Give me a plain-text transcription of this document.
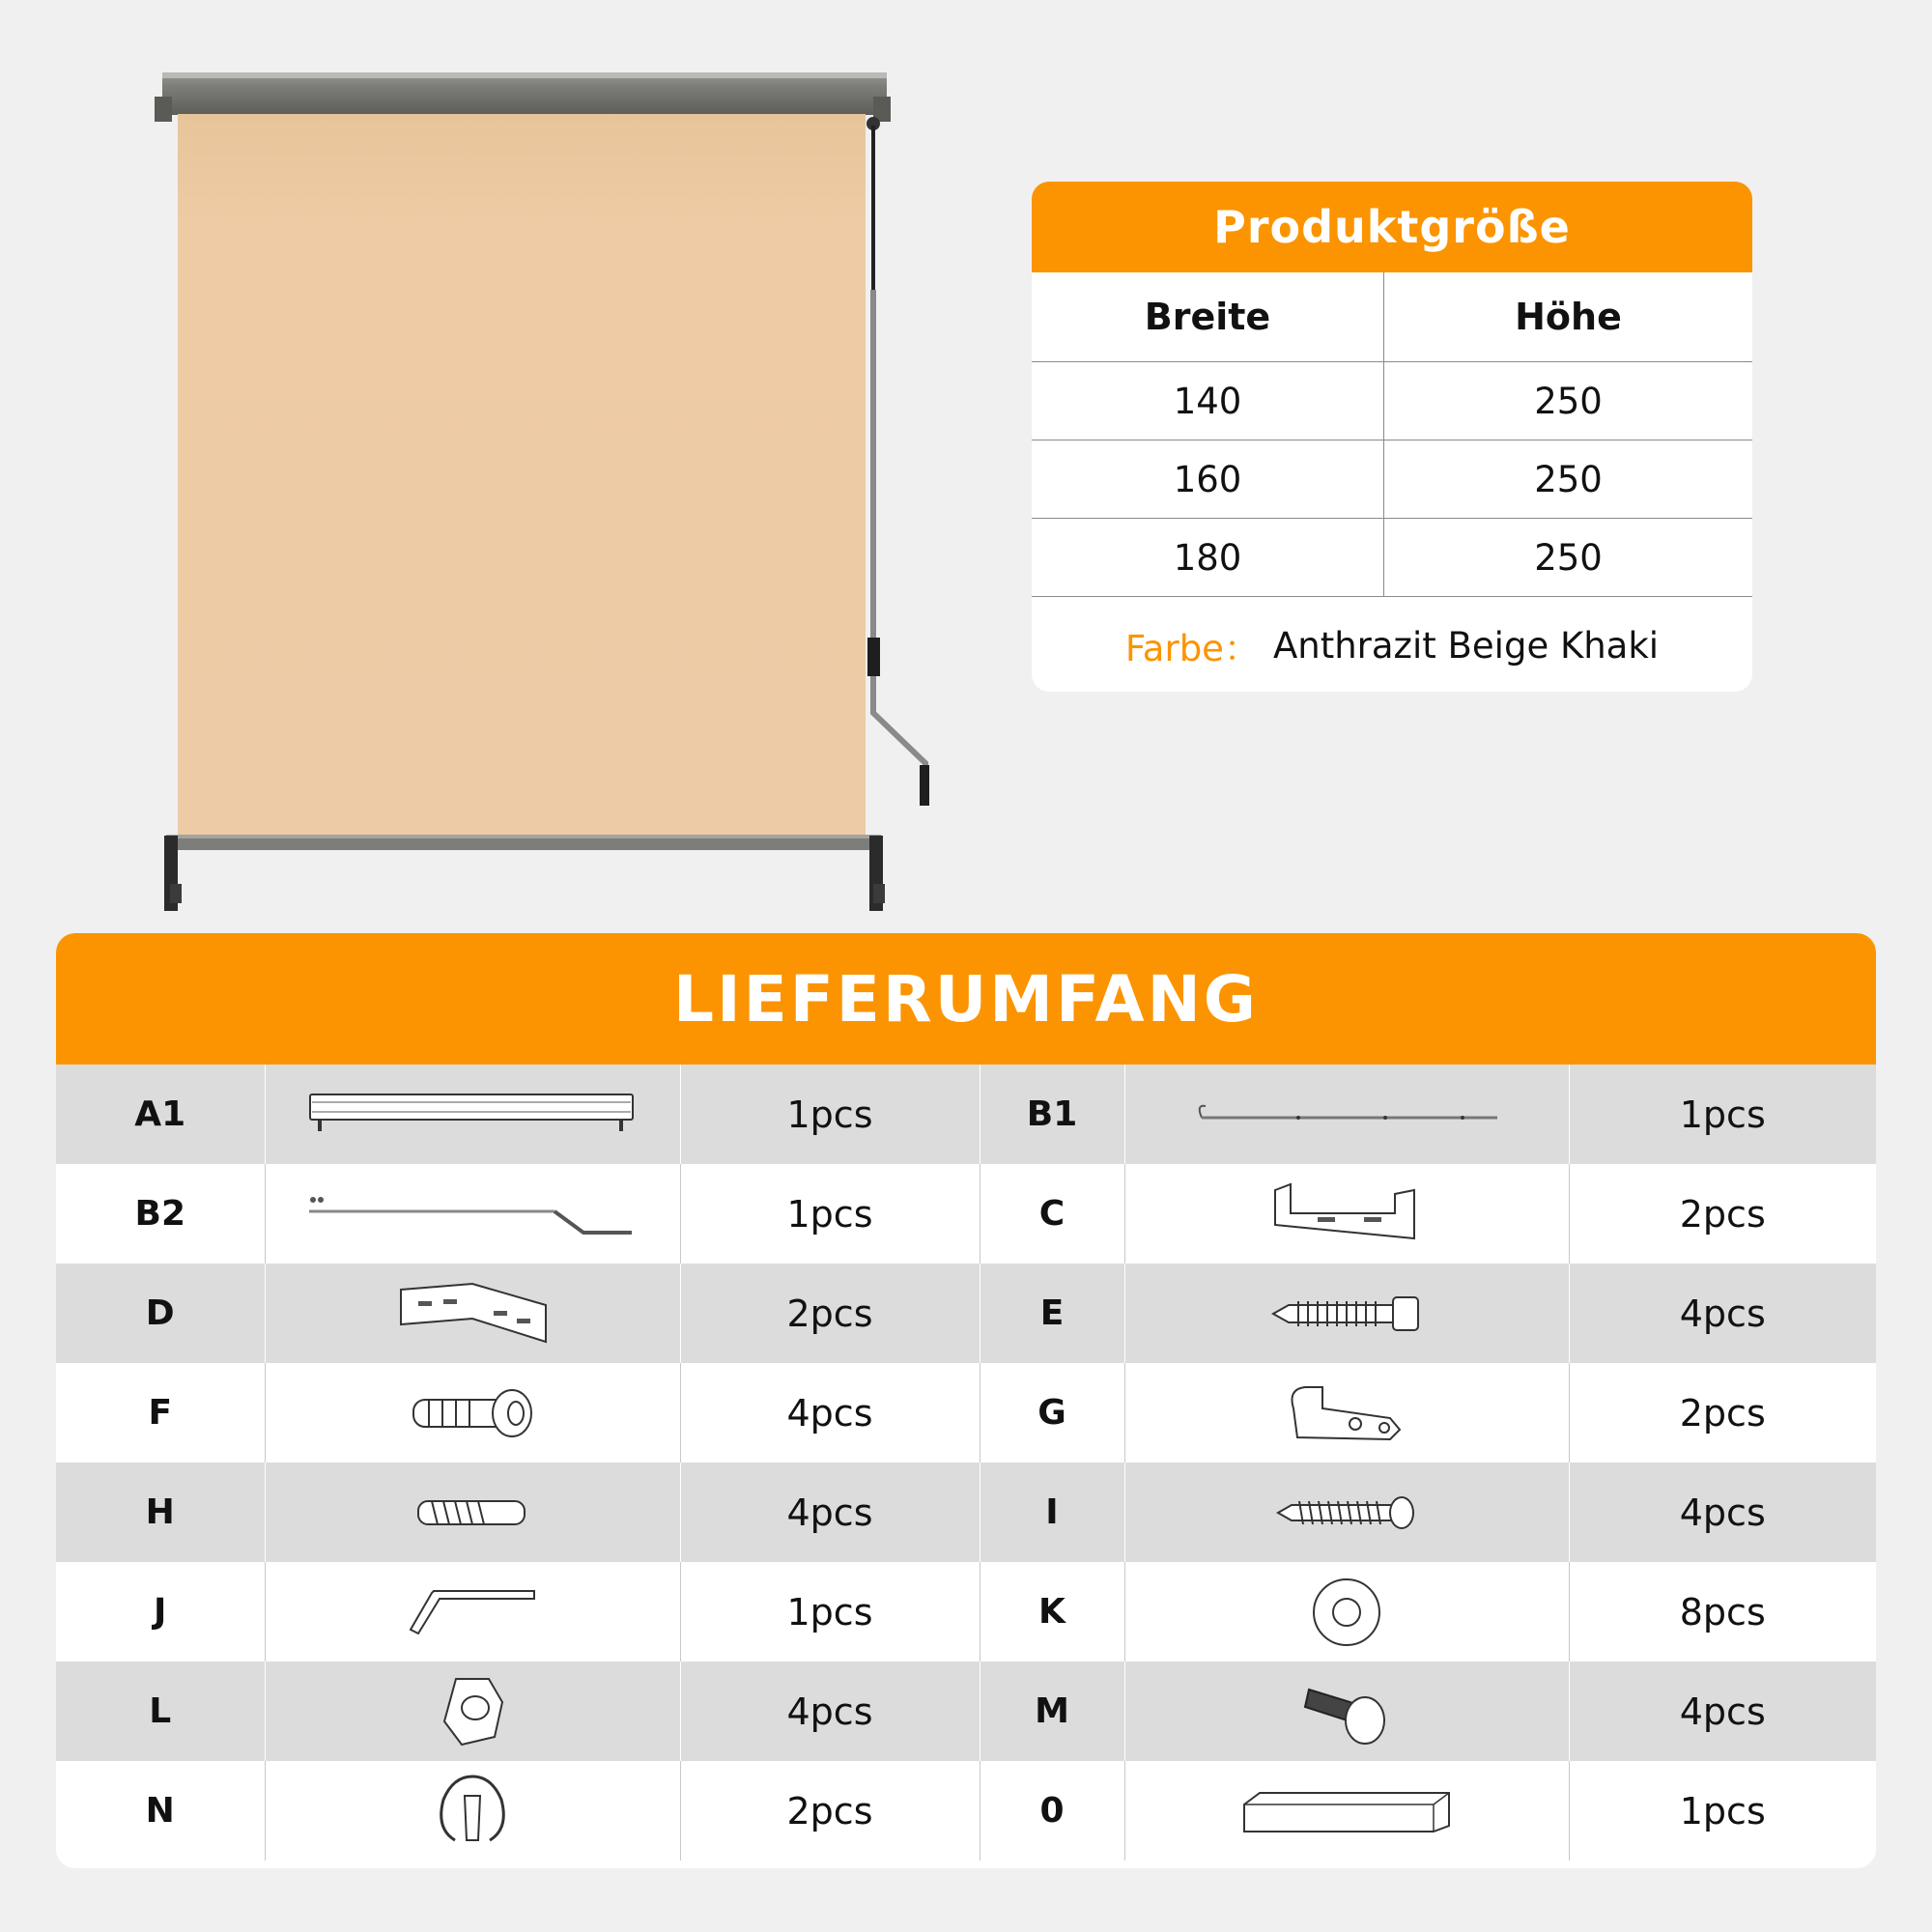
Produktgröße
Breite	Höhe
140	250
160	250
180	250
Farbe： Anthrazit Beige Khaki
LIEFERUMFANG
A1		1pcs	B1		1pcs
B2		1pcs	C		2pcs
D		2pcs	E		4pcs
F		4pcs	G		2pcs
H		4pcs	I		4pcs
J		1pcs	K		8pcs
L		4pcs	M		4pcs
N		2pcs	0		1pcs
